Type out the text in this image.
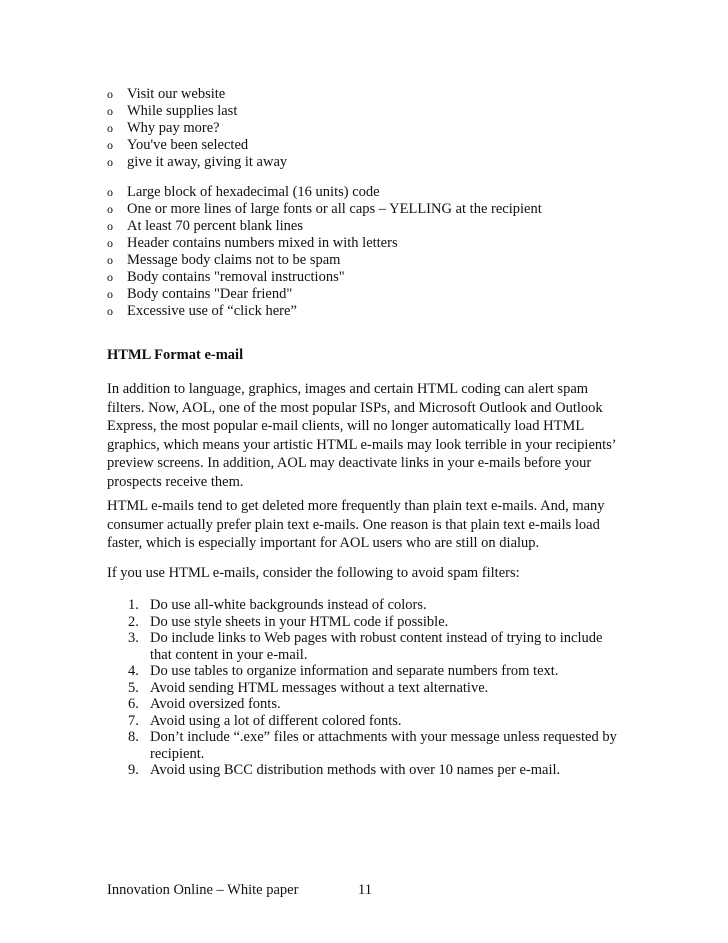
o Visit our website
o While supplies last
o Why pay more?
o You've been selected
o give it away, giving it away
o Large block of hexadecimal (16 units) code
o One or more lines of large fonts or all caps – YELLING at the recipient
o At least 70 percent blank lines
o Header contains numbers mixed in with letters
o Message body claims not to be spam
o Body contains "removal instructions"
o Body contains "Dear friend"
o Excessive use of “click here”
HTML Format e-mail

In addition to language, graphics, images and certain HTML coding can alert spam
filters. Now, AOL, one of the most popular ISPs, and Microsoft Outlook and Outlook
Express, the most popular e-mail clients, will no longer automatically load HTML
graphics, which means your artistic HTML e-mails may look terrible in your recipients’
preview screens. In addition, AOL may deactivate links in your e-mails before your
prospects receive them.

HTML e-mails tend to get deleted more frequently than plain text e-mails. And, many
consumer actually prefer plain text e-mails. One reason is that plain text e-mails load
faster, which is especially important for AOL users who are still on dialup.

If you use HTML e-mails, consider the following to avoid spam filters:

1. Do use all-white backgrounds instead of colors.
2. Do use style sheets in your HTML code if possible.
3. Do include links to Web pages with robust content instead of trying to include
that content in your e-mail.
4. Do use tables to organize information and separate numbers from text.
5. Avoid sending HTML messages without a text alternative.
6. Avoid oversized fonts.
7. Avoid using a lot of different colored fonts.
8. Don’t include “.exe” files or attachments with your message unless requested by
recipient.
9. Avoid using BCC distribution methods with over 10 names per e-mail.
Innovation Online – White paper	11
